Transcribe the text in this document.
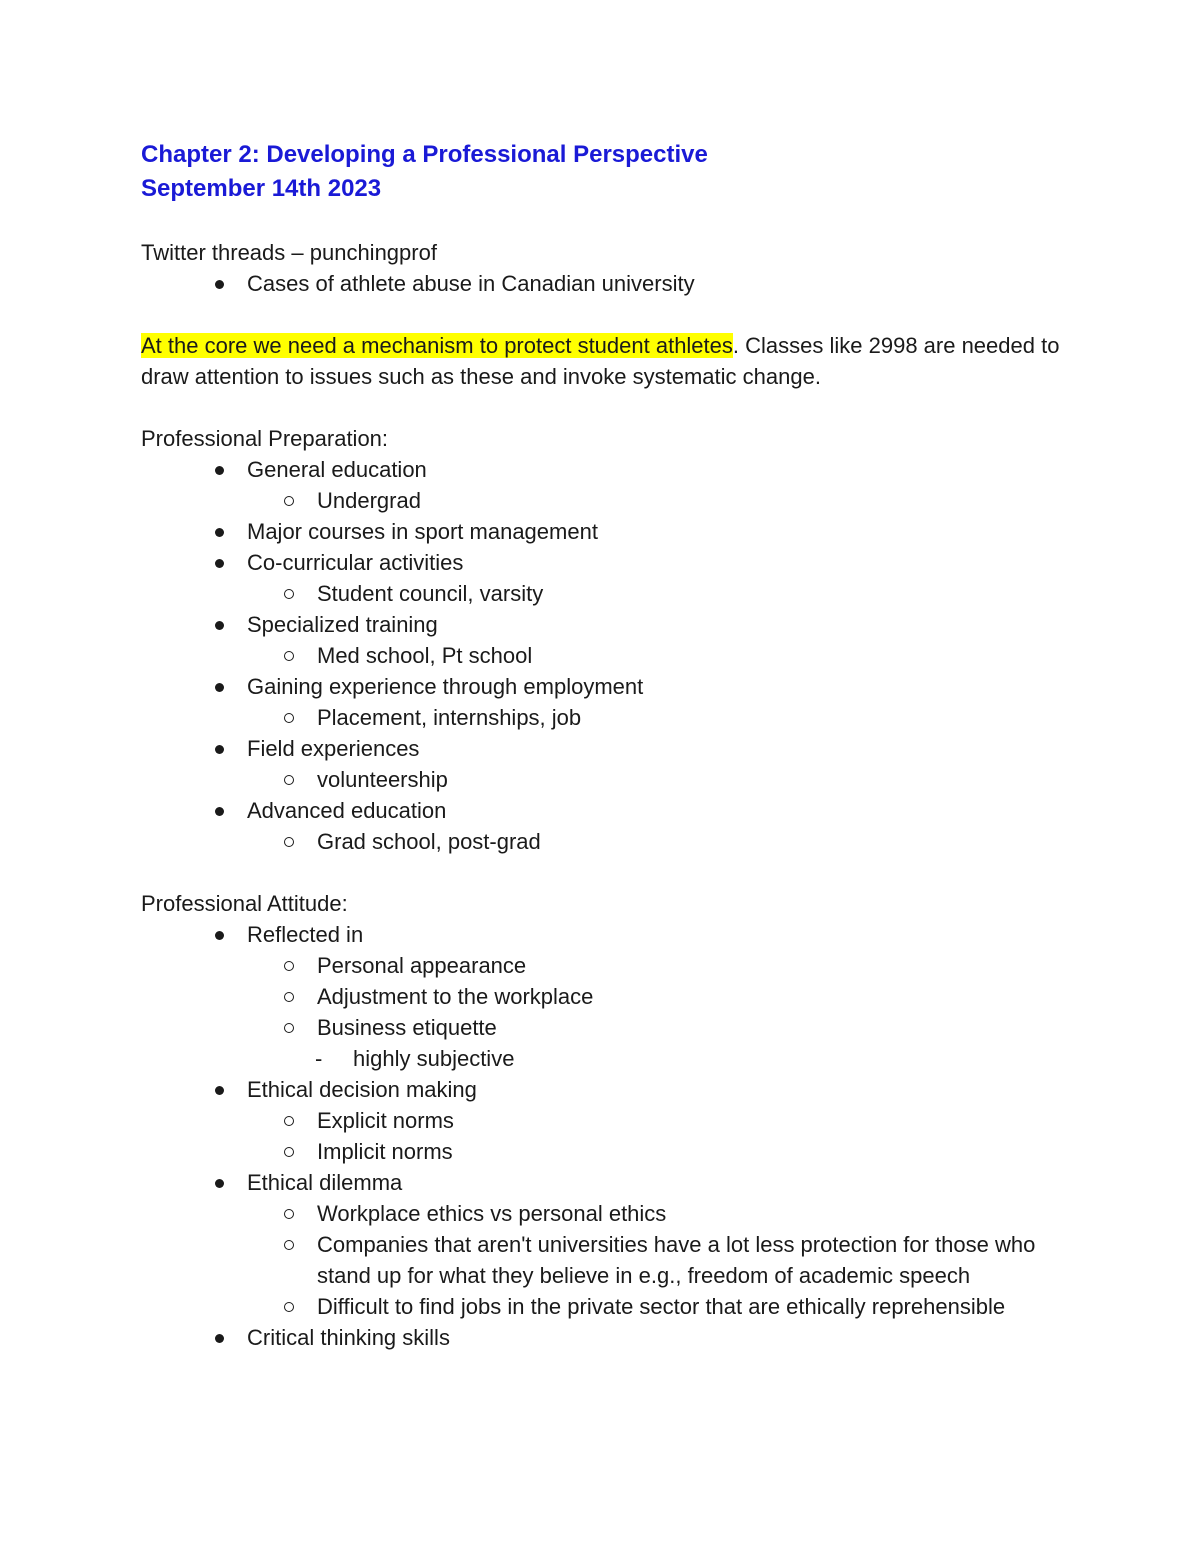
Chapter 2: Developing a Professional Perspective

September 14th 2023

Twitter threads – punchingprof

Cases of athlete abuse in Canadian university

At the core we need a mechanism to protect student athletes. Classes like 2998 are needed to draw attention to issues such as these and invoke systematic change.

Professional Preparation:

General education
Undergrad
Major courses in sport management
Co-curricular activities
Student council, varsity
Specialized training
Med school, Pt school
Gaining experience through employment
Placement, internships, job
Field experiences
volunteership
Advanced education
Grad school, post-grad

Professional Attitude:

Reflected in
Personal appearance
Adjustment to the workplace
Business etiquette
- highly subjective
Ethical decision making
Explicit norms
Implicit norms
Ethical dilemma
Workplace ethics vs personal ethics
Companies that aren't universities have a lot less protection for those who stand up for what they believe in e.g., freedom of academic speech
Difficult to find jobs in the private sector that are ethically reprehensible
Critical thinking skills
